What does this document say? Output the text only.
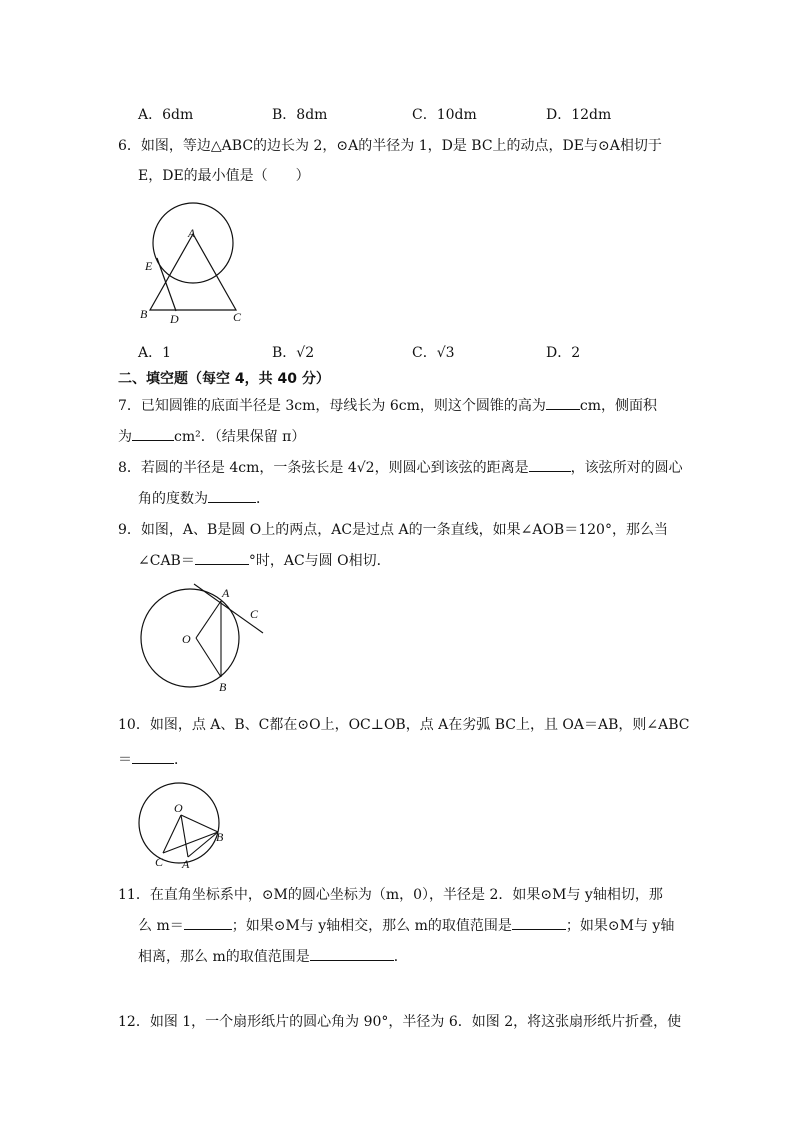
A．6dm	B．8dm	C．10dm	D．12dm
6．如图，等边△ABC的边长为 2，⊙A的半径为 1，D是 BC上的动点，DE与⊙A相切于
E，DE的最小值是（　　）
A
E
B D	C
A．1	B．√2	C．√3	D．2
二、填空题（每空 4，共 40 分）
7．已知圆锥的底面半径是 3cm，母线长为 6cm，则这个圆锥的高为 cm，侧面积
为	cm²．（结果保留 π）
8．若圆的半径是 4cm，一条弦长是 4√2，则圆心到该弦的距离是	，该弦所对的圆心
角的度数为	．
9．如图，A、B是圆 O上的两点，AC是过点 A的一条直线，如果∠AOB＝120°，那么当
∠CAB＝	°时，AC与圆 O相切．
O
A
C
B
10．如图，点 A、B、C都在⊙O上，OC⊥OB，点 A在劣弧 BC上，且 OA＝AB，则∠ABC
＝	．
O
B
C A
11．在直角坐标系中，⊙M的圆心坐标为（m，0），半径是 2．如果⊙M与 y轴相切，那
么 m＝	；如果⊙M与 y轴相交，那么 m的取值范围是	；如果⊙M与 y轴
相离，那么 m的取值范围是	．
12．如图 1，一个扇形纸片的圆心角为 90°，半径为 6．如图 2，将这张扇形纸片折叠，使
